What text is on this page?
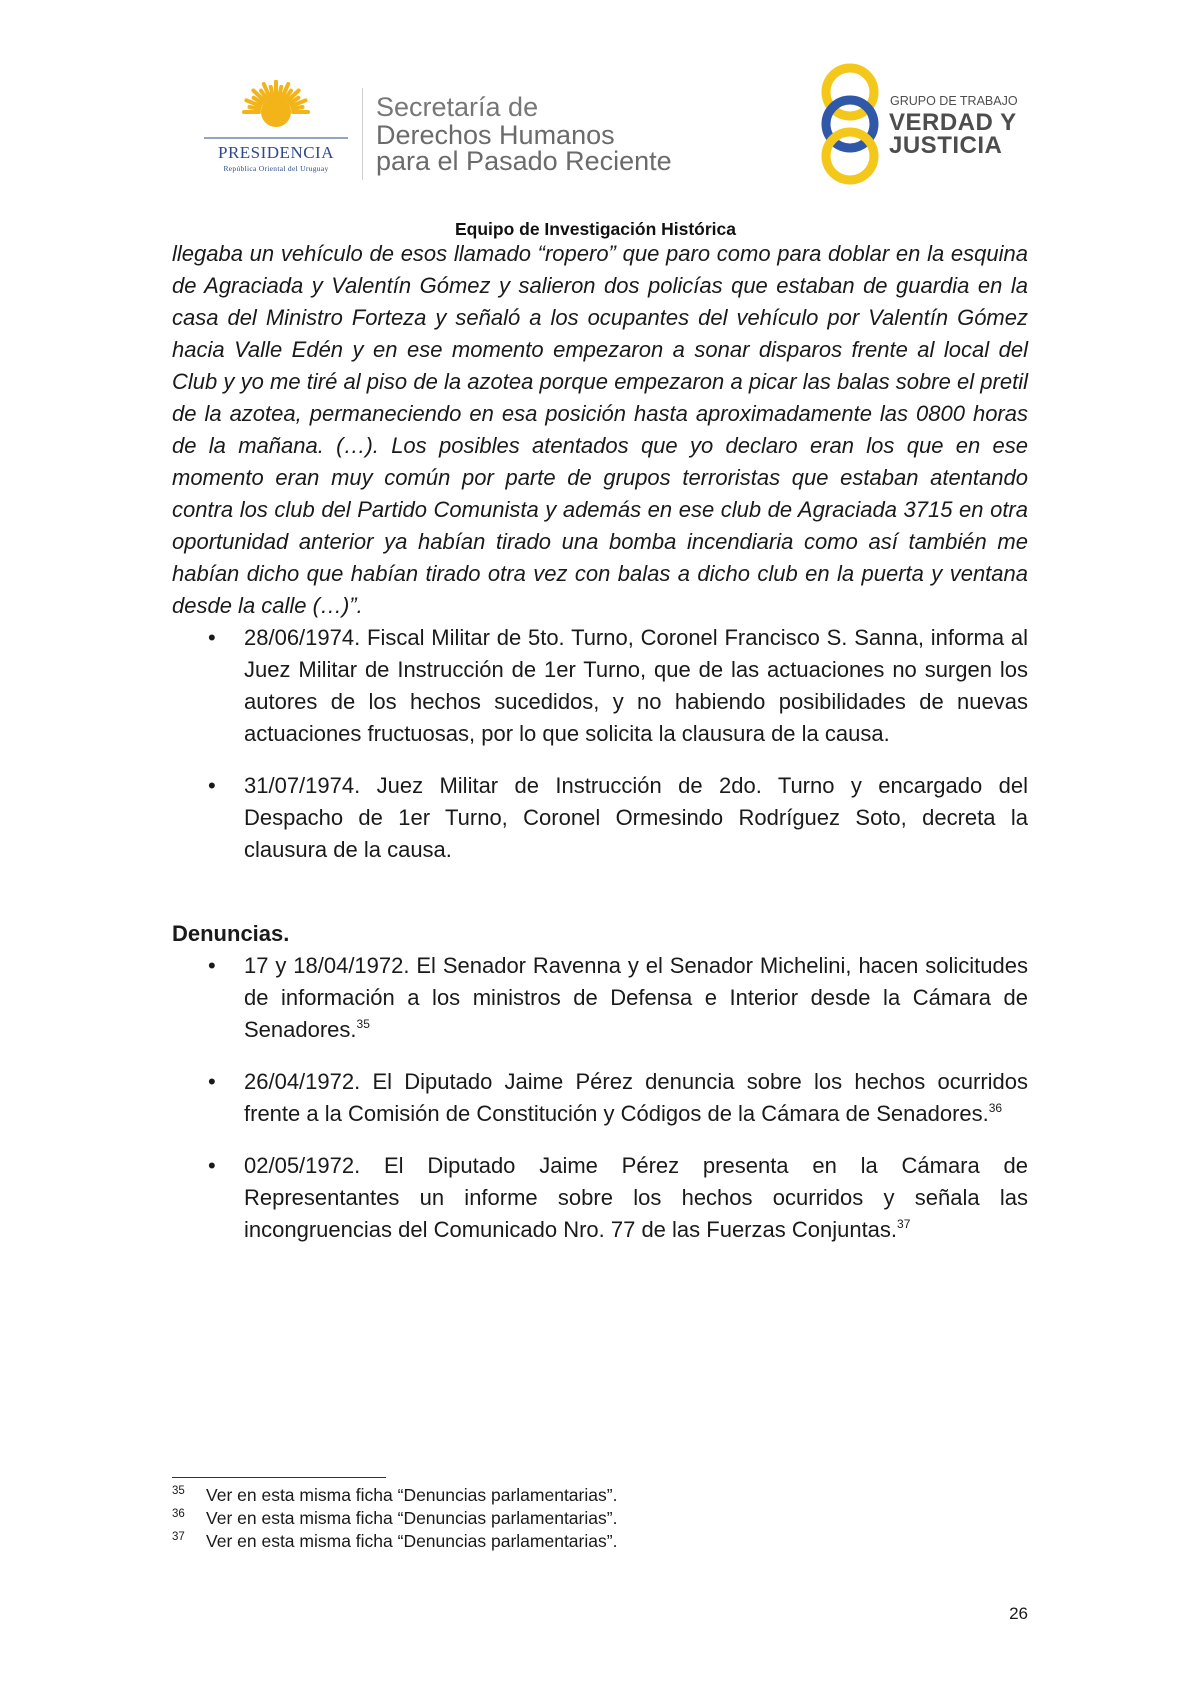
PRESIDENCIA
República Oriental del Uruguay
Secretaría de
Derechos Humanos
para el Pasado Reciente
GRUPO DE TRABAJO
VERDAD Y
JUSTICIA
Equipo de Investigación Histórica

llegaba un vehículo de esos llamado “ropero” que paro como para doblar en la esquina de Agraciada y Valentín Gómez y salieron dos policías que estaban de guardia en la casa del Ministro Forteza y señaló a los ocupantes del vehículo por Valentín Gómez hacia Valle Edén y en ese momento empezaron a sonar disparos frente al local del Club y yo me tiré al piso de la azotea porque empezaron a picar las balas sobre el pretil de la azotea, permaneciendo en esa posición hasta aproximadamente las 0800 horas de la mañana. (…). Los posibles atentados que yo declaro eran los que en ese momento eran muy común por parte de grupos terroristas que estaban atentando contra los club del Partido Comunista y además en ese club de Agraciada 3715 en otra oportunidad anterior ya habían tirado una bomba incendiaria como así también me habían dicho que habían tirado otra vez con balas a dicho club en la puerta y ventana desde la calle (…)”.

• 28/06/1974. Fiscal Militar de 5to. Turno, Coronel Francisco S. Sanna, informa al Juez Militar de Instrucción de 1er Turno, que de las actuaciones no surgen los autores de los hechos sucedidos, y no habiendo posibilidades de nuevas actuaciones fructuosas, por lo que solicita la clausura de la causa.
• 31/07/1974. Juez Militar de Instrucción de 2do. Turno y encargado del Despacho de 1er Turno, Coronel Ormesindo Rodríguez Soto, decreta la clausura de la causa.
Denuncias.
• 17 y 18/04/1972. El Senador Ravenna y el Senador Michelini, hacen solicitudes de información a los ministros de Defensa e Interior desde la Cámara de Senadores.$^{35}$
• 26/04/1972. El Diputado Jaime Pérez denuncia sobre los hechos ocurridos frente a la Comisión de Constitución y Códigos de la Cámara de Senadores.$^{36}$
• 02/05/1972. El Diputado Jaime Pérez presenta en la Cámara de Representantes un informe sobre los hechos ocurridos y señala las incongruencias del Comunicado Nro. 77 de las Fuerzas Conjuntas.$^{37}$
35 Ver en esta misma ficha “Denuncias parlamentarias”.
36 Ver en esta misma ficha “Denuncias parlamentarias”.
37 Ver en esta misma ficha “Denuncias parlamentarias”.
26
